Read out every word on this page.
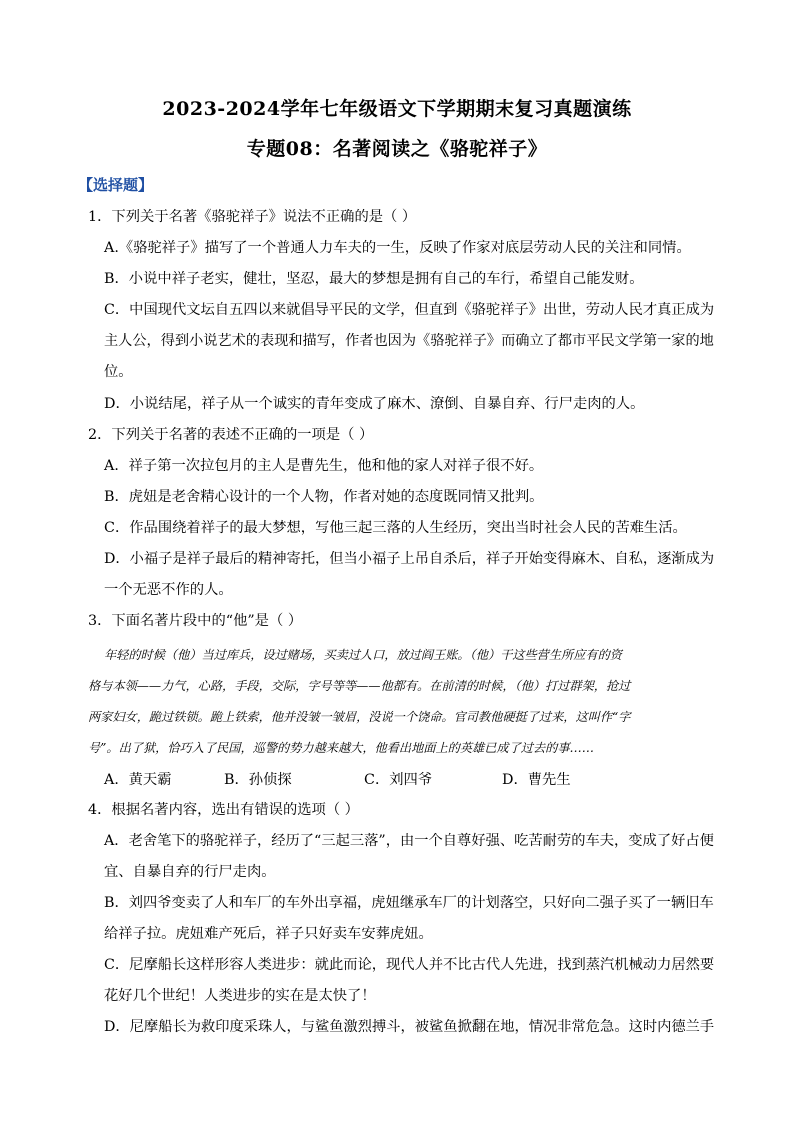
2023-2024学年七年级语文下学期期末复习真题演练
专题08：名著阅读之《骆驼祥子》
【选择题】
1．下列关于名著《骆驼祥子》说法不正确的是（ ）
A.《骆驼祥子》描写了一个普通人力车夫的一生，反映了作家对底层劳动人民的关注和同情。
B．小说中祥子老实，健壮，坚忍，最大的梦想是拥有自己的车行，希望自己能发财。
C．中国现代文坛自五四以来就倡导平民的文学，但直到《骆驼祥子》出世，劳动人民才真正成为
主人公，得到小说艺术的表现和描写，作者也因为《骆驼祥子》而确立了都市平民文学第一家的地
位。
D．小说结尾，祥子从一个诚实的青年变成了麻木、潦倒、自暴自弃、行尸走肉的人。
2．下列关于名著的表述不正确的一项是（ ）
A．祥子第一次拉包月的主人是曹先生，他和他的家人对祥子很不好。
B．虎妞是老舍精心设计的一个人物，作者对她的态度既同情又批判。
C．作品围绕着祥子的最大梦想，写他三起三落的人生经历，突出当时社会人民的苦难生活。
D．小福子是祥子最后的精神寄托，但当小福子上吊自杀后，祥子开始变得麻木、自私，逐渐成为
一个无恶不作的人。
3．下面名著片段中的“他”是（ ）
年轻的时候（他）当过库兵，设过赌场，买卖过人口，放过阎王账。（他）干这些营生所应有的资
格与本领——力气，心路，手段，交际，字号等等——他都有。在前清的时候，（他）打过群架，抢过
两家妇女，跪过铁锁。跪上铁索，他并没皱一皱眉，没说一个饶命。官司教他硬挺了过来，这叫作“字
号”。出了狱，恰巧入了民国，巡警的势力越来越大，他看出地面上的英雄已成了过去的事……
A．黄天霸	B．孙侦探	C．刘四爷	D．曹先生
4．根据名著内容，选出有错误的选项（ ）
A．老舍笔下的骆驼祥子，经历了“三起三落”，由一个自尊好强、吃苦耐劳的车夫，变成了好占便
宜、自暴自弃的行尸走肉。
B．刘四爷变卖了人和车厂的车外出享福，虎妞继承车厂的计划落空，只好向二强子买了一辆旧车
给祥子拉。虎妞难产死后，祥子只好卖车安葬虎妞。
C．尼摩船长这样形容人类进步：就此而论，现代人并不比古代人先进，找到蒸汽机械动力居然要
花好几个世纪！人类进步的实在是太快了！
D．尼摩船长为救印度采珠人，与鲨鱼激烈搏斗，被鲨鱼掀翻在地，情况非常危急。这时内德兰手
